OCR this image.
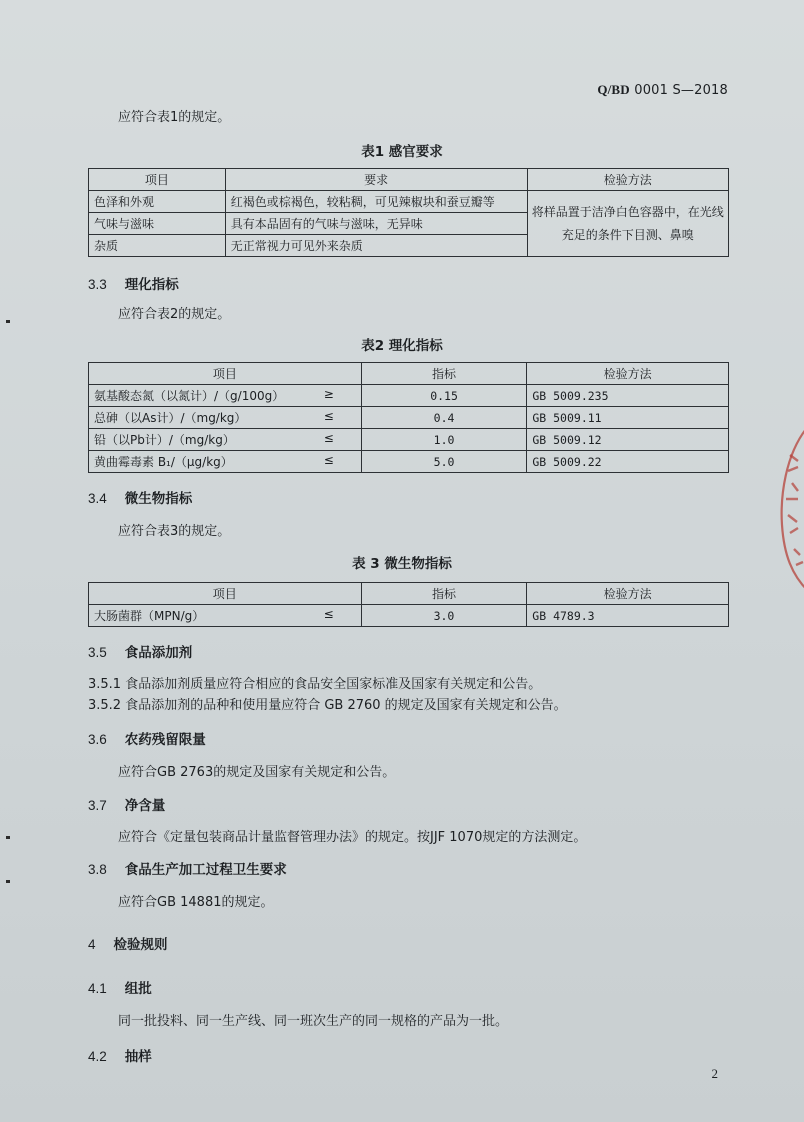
Q/BD 0001 S—2018
应符合表1的规定。
表1 感官要求
项目	要求	检验方法
色泽和外观	红褐色或棕褐色，较粘稠，可见辣椒块和蚕豆瓣等	将样品置于洁净白色容器中，在光线充足的条件下目测、鼻嗅

气味与滋味	具有本品固有的气味与滋味，无异味	
杂质	无正常视力可见外来杂质	
3.3 理化指标
应符合表2的规定。
表2 理化指标
项目	指标	检验方法
氨基酸态氮（以氮计）/（g/100g） ≥	0.15	GB 5009.235
总砷（以As计）/（mg/kg） ≤	0.4	GB 5009.11
铅（以Pb计）/（mg/kg） ≤	1.0	GB 5009.12
黄曲霉毒素 B₁/（μg/kg） ≤	5.0	GB 5009.22
3.4 微生物指标
应符合表3的规定。
表 3 微生物指标
项目	指标	检验方法
大肠菌群（MPN/g） ≤	3.0	GB 4789.3
3.5 食品添加剂
3.5.1 食品添加剂质量应符合相应的食品安全国家标准及国家有关规定和公告。
3.5.2 食品添加剂的品种和使用量应符合 GB 2760 的规定及国家有关规定和公告。
3.6 农药残留限量
应符合GB 2763的规定及国家有关规定和公告。
3.7 净含量
应符合《定量包装商品计量监督管理办法》的规定。按JJF 1070规定的方法测定。
3.8 食品生产加工过程卫生要求
应符合GB 14881的规定。
4 检验规则
4.1 组批
同一批投料、同一生产线、同一班次生产的同一规格的产品为一批。
4.2 抽样
2
